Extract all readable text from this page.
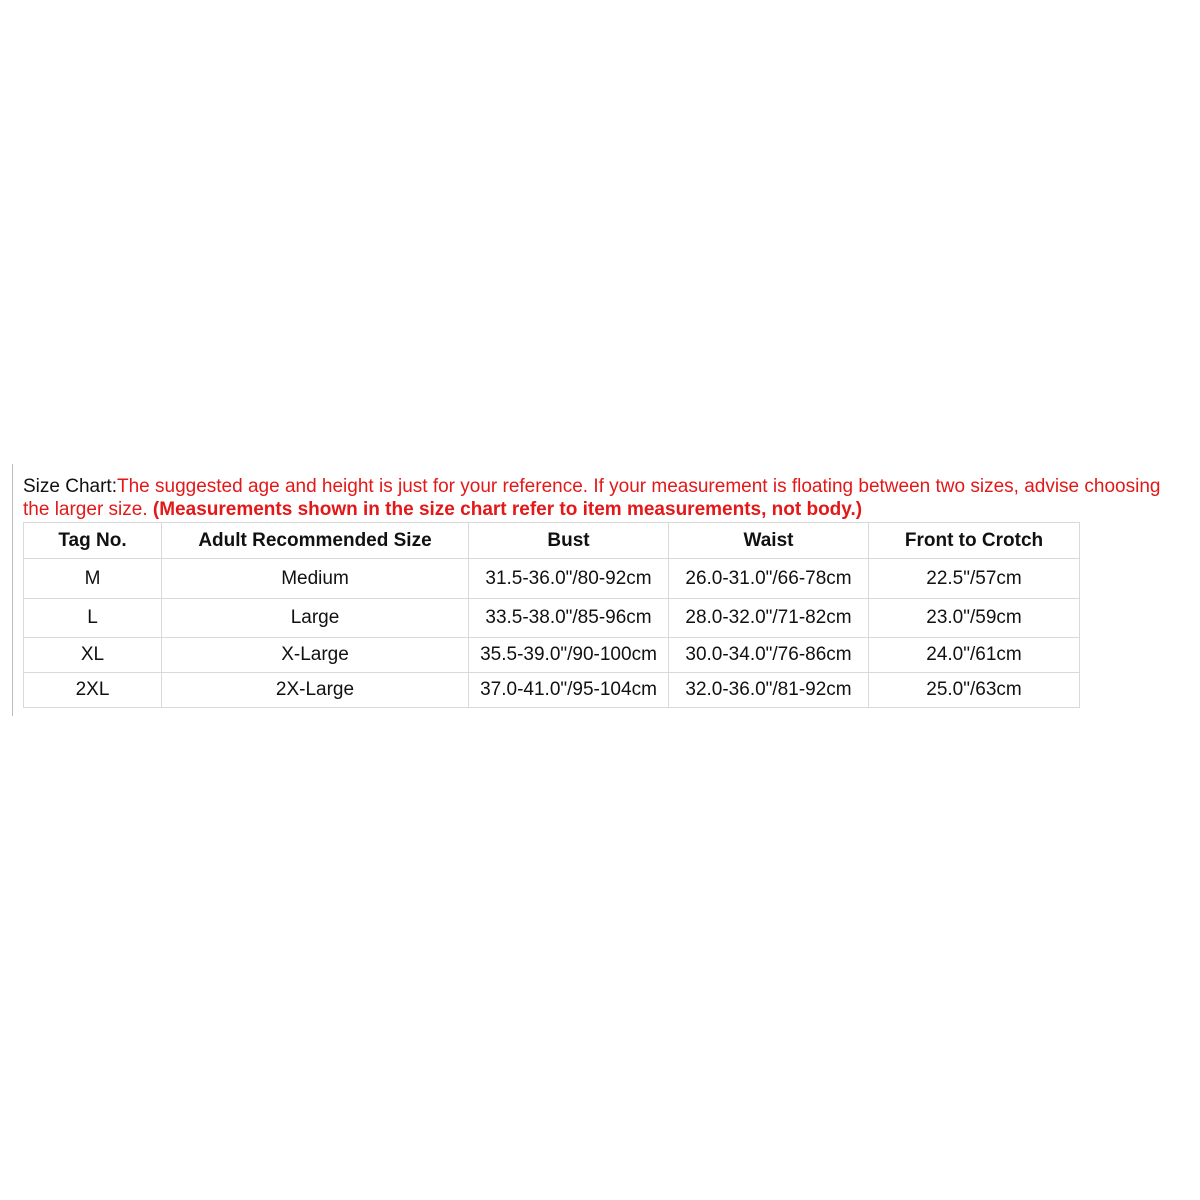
Size Chart:The suggested age and height is just for your reference. If your measurement is floating between two sizes, advise choosing the larger size. (Measurements shown in the size chart refer to item measurements, not body.)
Tag No.	Adult Recommended Size	Bust	Waist	Front to Crotch
M	Medium	31.5-36.0"/80-92cm	26.0-31.0"/66-78cm	22.5"/57cm
L	Large	33.5-38.0"/85-96cm	28.0-32.0"/71-82cm	23.0"/59cm
XL	X-Large	35.5-39.0"/90-100cm	30.0-34.0"/76-86cm	24.0"/61cm
2XL	2X-Large	37.0-41.0"/95-104cm	32.0-36.0"/81-92cm	25.0"/63cm
